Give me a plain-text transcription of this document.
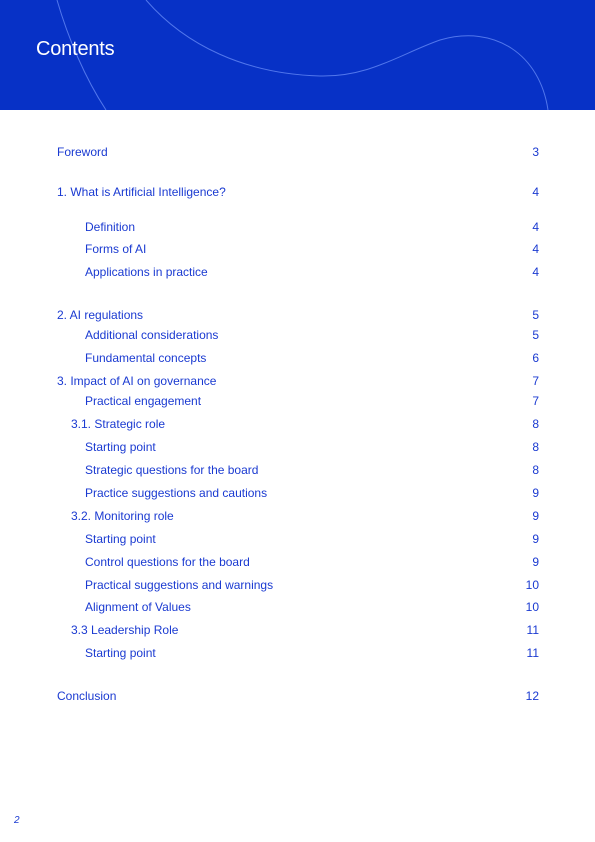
Contents
Foreword	3
1. What is Artificial Intelligence?	4
Definition	4
Forms of AI	4
Applications in practice	4
2. AI regulations	5
Additional considerations	5
Fundamental concepts	6
3. Impact of AI on governance	7
Practical engagement	7
3.1. Strategic role	8
Starting point	8
Strategic questions for the board	8
Practice suggestions and cautions	9
3.2. Monitoring role	9
Starting point	9
Control questions for the board	9
Practical suggestions and warnings	10
Alignment of Values	10
3.3 Leadership Role	11
Starting point	11
Conclusion	12
2
